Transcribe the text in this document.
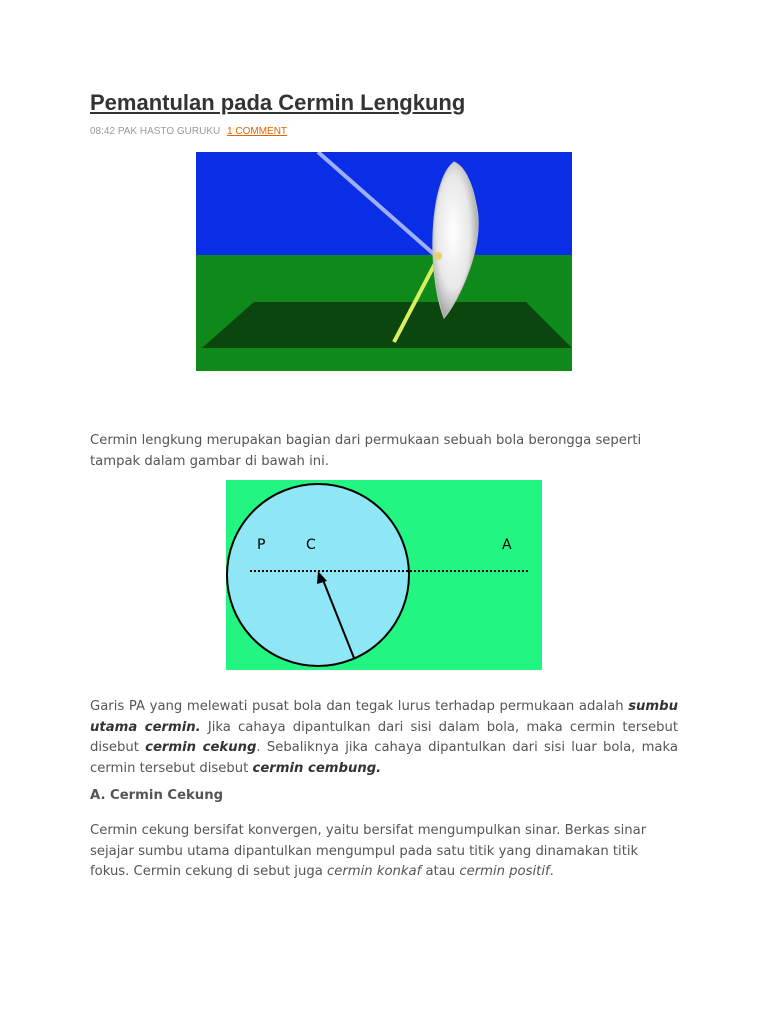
Pemantulan pada Cermin Lengkung
08:42 PAK HASTO GURUKU 1 COMMENT

Cermin lengkung merupakan bagian dari permukaan sebuah bola berongga seperti tampak dalam gambar di bawah ini.

P	C	A

Garis PA yang melewati pusat bola dan tegak lurus terhadap permukaan adalah sumbu utama cermin. Jika cahaya dipantulkan dari sisi dalam bola, maka cermin tersebut disebut cermin cekung. Sebaliknya jika cahaya dipantulkan dari sisi luar bola, maka cermin tersebut disebut cermin cembung.

A. Cermin Cekung

Cermin cekung bersifat konvergen, yaitu bersifat mengumpulkan sinar. Berkas sinar sejajar sumbu utama dipantulkan mengumpul pada satu titik yang dinamakan titik fokus. Cermin cekung di sebut juga cermin konkaf atau cermin positif.
